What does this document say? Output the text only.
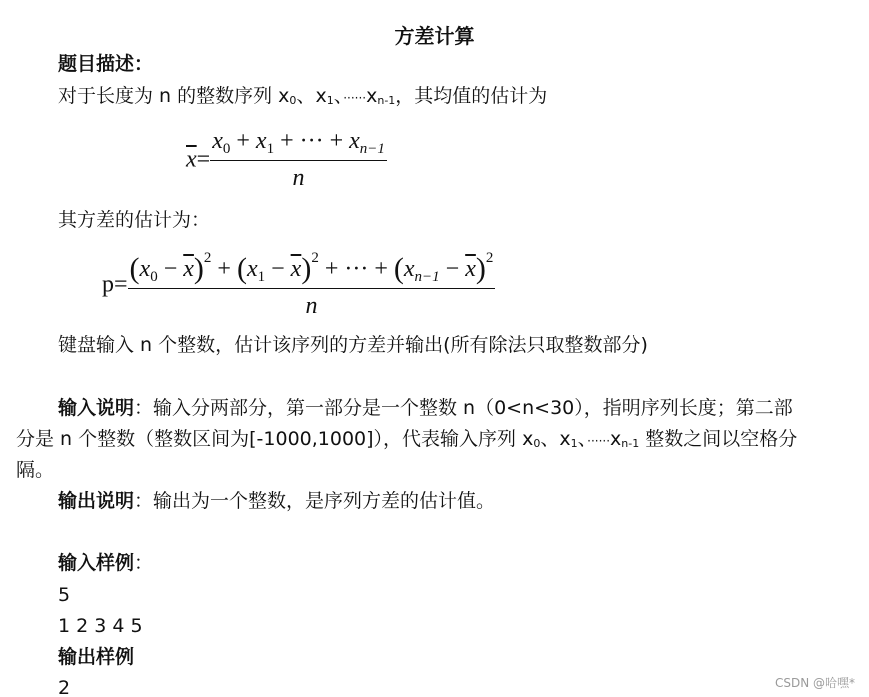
方差计算
题目描述：
对于长度为 n 的整数序列 x0、x1、······xn-1，其均值的估计为
$\overline{x}= \frac{x_0 + x_1 + \cdot\cdot\cdot + x_{n-1}}{n}$
其方差的估计为：
$p= \frac{(x_0 - \overline{x})^2 + (x_1 - \overline{x})^2 + \cdot\cdot\cdot + (x_{n-1} - \overline{x})^2}{n}$
键盘输入 n 个整数，估计该序列的方差并输出(所有除法只取整数部分)
输入说明：输入分两部分，第一部分是一个整数 n（0<n<30），指明序列长度；第二部
分是 n 个整数（整数区间为[-1000,1000]），代表输入序列 x0、x1、······xn-1 整数之间以空格分
隔。
输出说明：输出为一个整数，是序列方差的估计值。
输入样例：
5
1 2 3 4 5
输出样例
2	CSDN @哈嘿*
